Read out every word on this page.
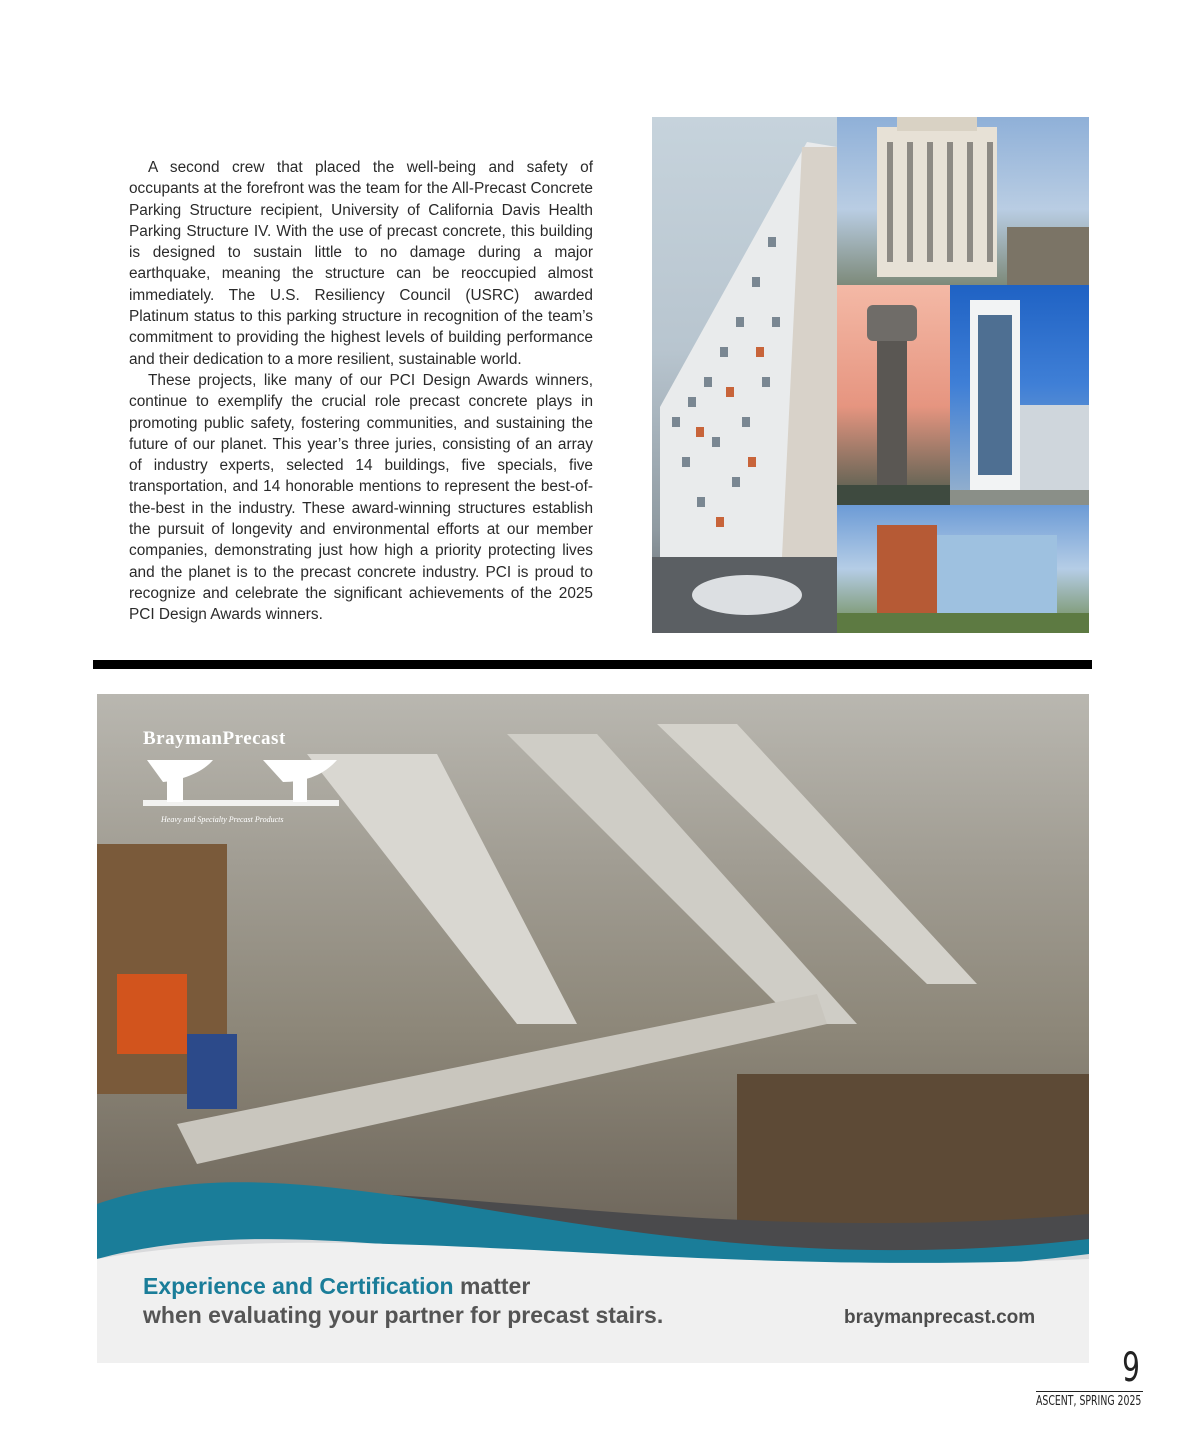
A second crew that placed the well-being and safety of occupants at the forefront was the team for the All-Precast Concrete Parking Structure recipient, University of California Davis Health Parking Structure IV. With the use of precast concrete, this building is designed to sustain little to no damage during a major earthquake, meaning the structure can be reoccupied almost immediately. The U.S. Resiliency Council (USRC) awarded Platinum status to this parking structure in recognition of the team’s commitment to providing the highest levels of building performance and their dedication to a more resilient, sustainable world.

These projects, like many of our PCI Design Awards winners, continue to exemplify the crucial role precast concrete plays in promoting public safety, fostering communities, and sustaining the future of our planet. This year’s three juries, consisting of an array of industry experts, selected 14 buildings, five specials, five transportation, and 14 honorable mentions to represent the best-of-the-best in the industry. These award-winning structures establish the pursuit of longevity and environmental efforts at our member companies, demonstrating just how high a priority protecting lives and the planet is to the precast concrete industry. PCI is proud to recognize and celebrate the significant achievements of the 2025 PCI Design Awards winners.

BraymanPrecast
Heavy and Specialty Precast Products
Experience and Certification matter
when evaluating your partner for precast stairs.	braymanprecast.com
9
ASCENT, SPRING 2025
